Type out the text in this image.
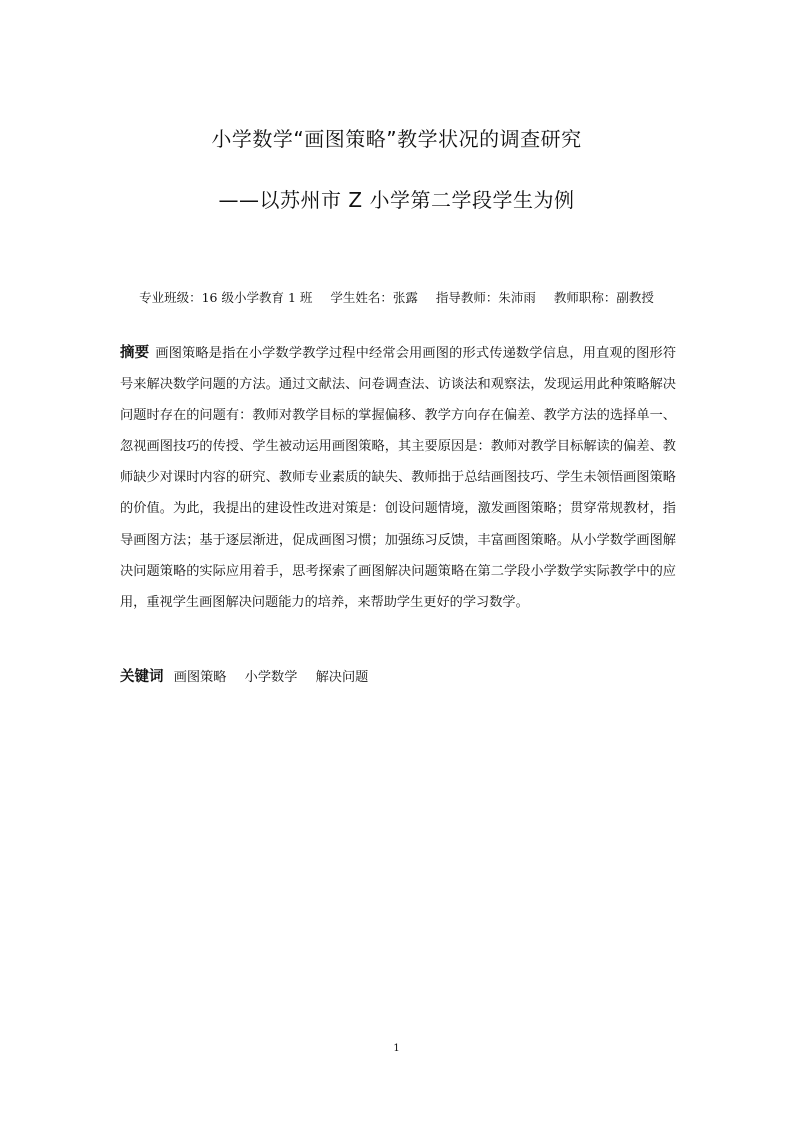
小学数学“画图策略”教学状况的调查研究
——以苏州市 Z 小学第二学段学生为例
专业班级：16 级小学教育 1 班 学生姓名：张露 指导教师：朱沛雨 教师职称：副教授

摘要 画图策略是指在小学数学教学过程中经常会用画图的形式传递数学信息，用直观的图形符号来解决数学问题的方法。通过文献法、问卷调查法、访谈法和观察法，发现运用此种策略解决问题时存在的问题有：教师对教学目标的掌握偏移、教学方向存在偏差、教学方法的选择单一、忽视画图技巧的传授、学生被动运用画图策略，其主要原因是：教师对教学目标解读的偏差、教师缺少对课时内容的研究、教师专业素质的缺失、教师拙于总结画图技巧、学生未领悟画图策略的价值。为此，我提出的建设性改进对策是：创设问题情境，激发画图策略；贯穿常规教材，指导画图方法；基于逐层渐进，促成画图习惯；加强练习反馈，丰富画图策略。从小学数学画图解决问题策略的实际应用着手，思考探索了画图解决问题策略在第二学段小学数学实际教学中的应用，重视学生画图解决问题能力的培养，来帮助学生更好的学习数学。

关键词 画图策略 小学数学 解决问题
1
